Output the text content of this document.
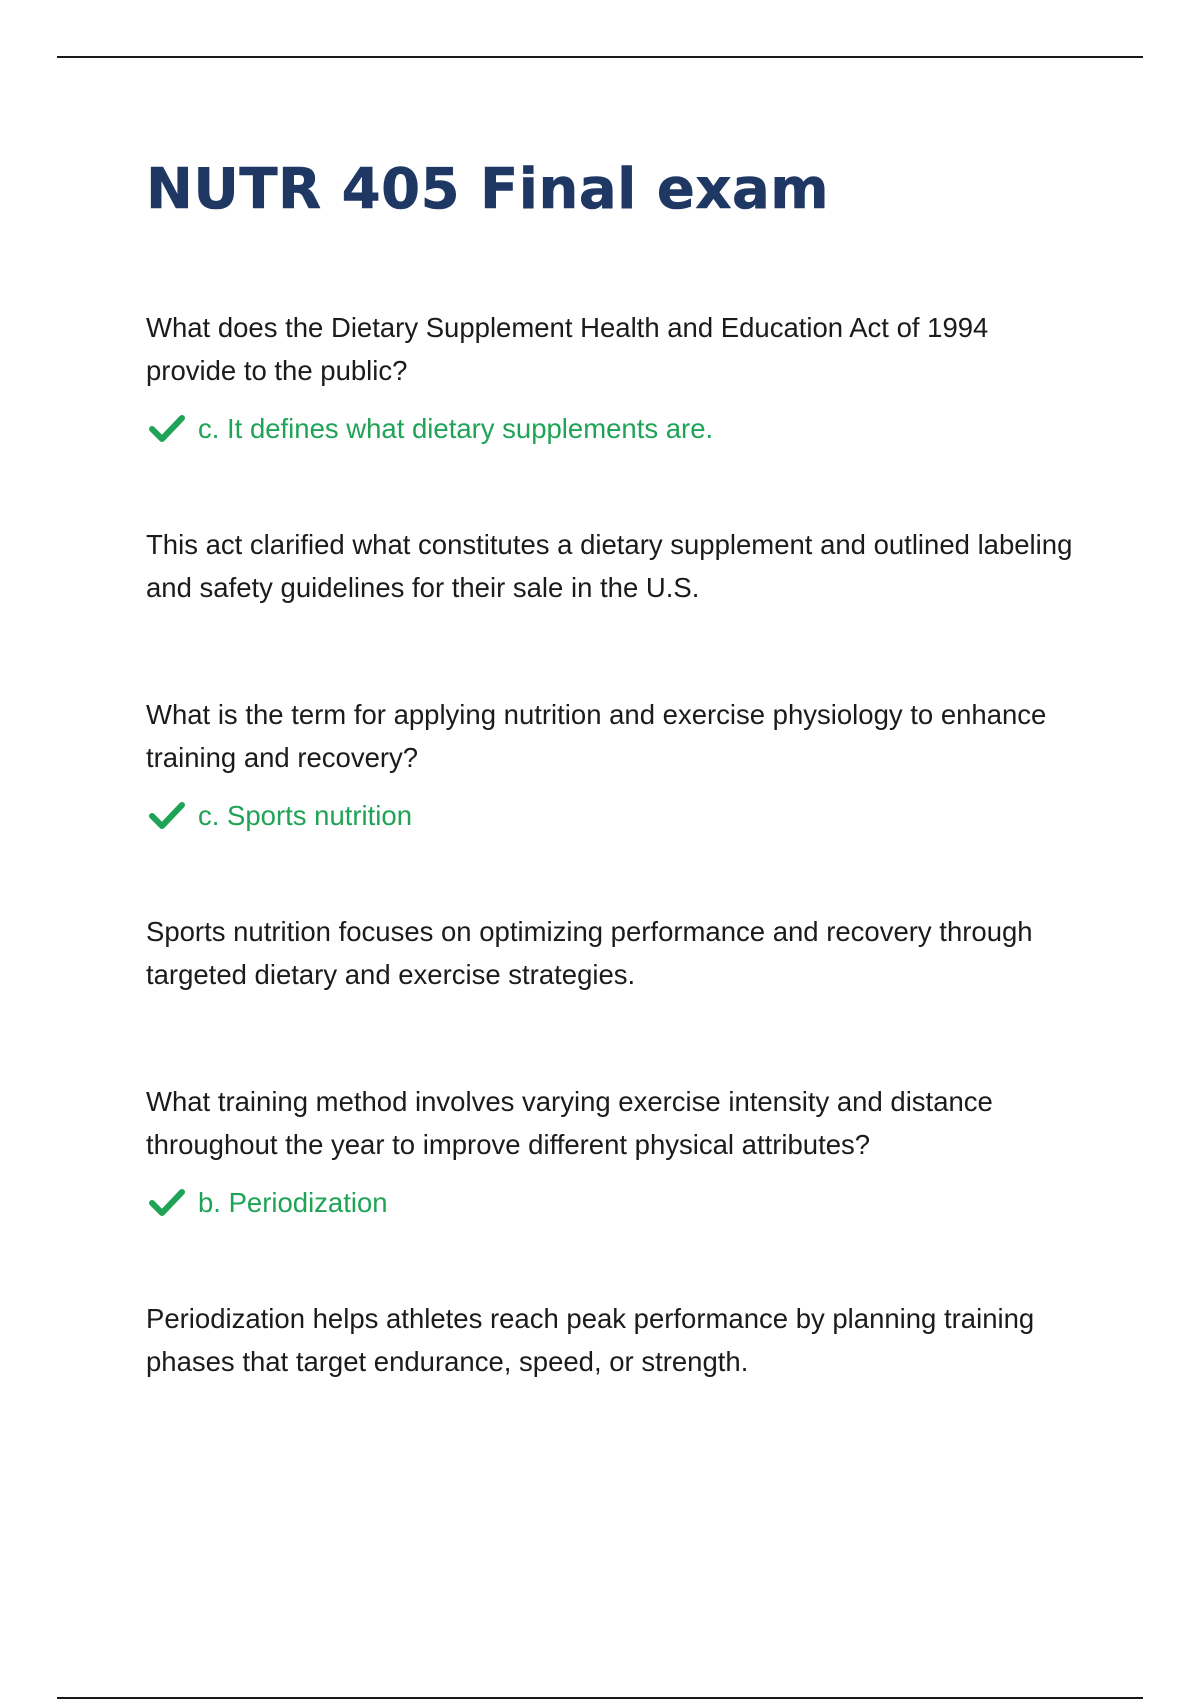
NUTR 405 Final exam

What does the Dietary Supplement Health and Education Act of 1994 provide to the public?

c. It defines what dietary supplements are.

This act clarified what constitutes a dietary supplement and outlined labeling and safety guidelines for their sale in the U.S.

What is the term for applying nutrition and exercise physiology to enhance training and recovery?

c. Sports nutrition

Sports nutrition focuses on optimizing performance and recovery through targeted dietary and exercise strategies.

What training method involves varying exercise intensity and distance throughout the year to improve different physical attributes?

b. Periodization

Periodization helps athletes reach peak performance by planning training phases that target endurance, speed, or strength.
